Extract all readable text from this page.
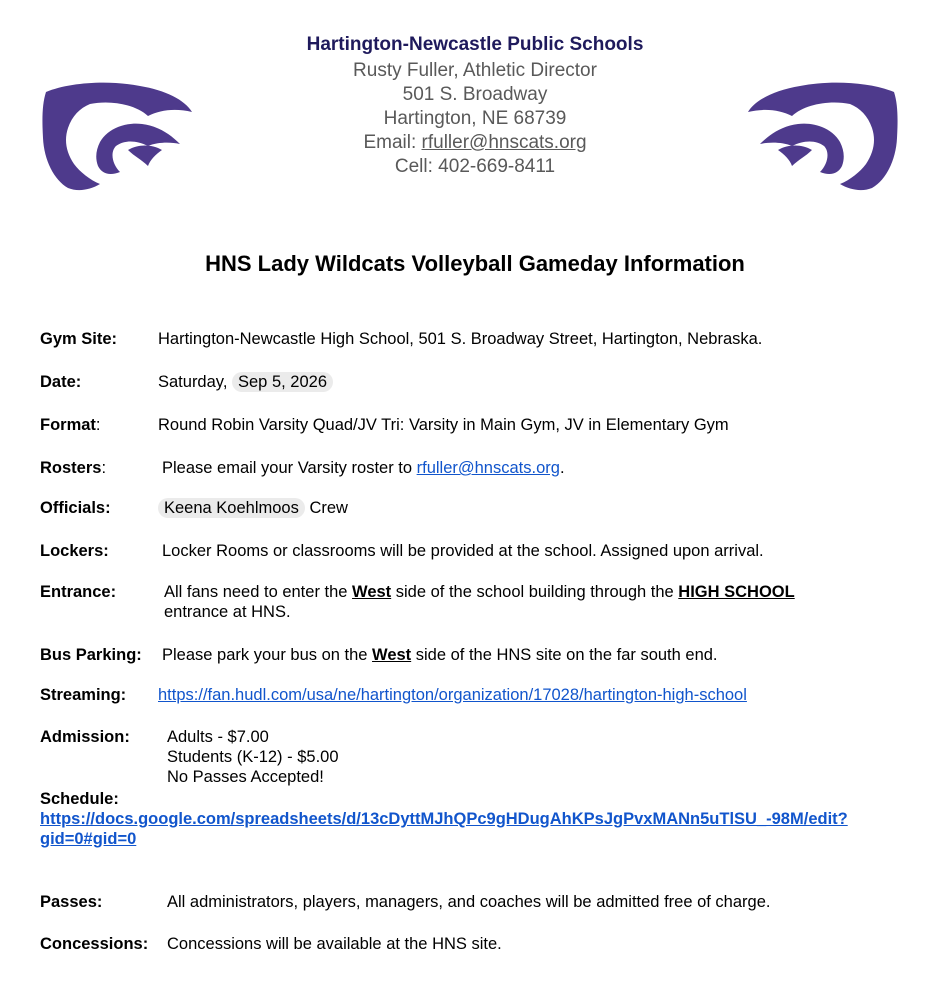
Hartington-Newcastle Public Schools
Rusty Fuller, Athletic Director
501 S. Broadway
Hartington, NE 68739
Email: rfuller@hnscats.org
Cell: 402-669-8411
HNS Lady Wildcats Volleyball Gameday Information
Gym Site: Hartington-Newcastle High School, 501 S. Broadway Street, Hartington, Nebraska.
Date:	Saturday, Sep 5, 2026
Format:	Round Robin Varsity Quad/JV Tri: Varsity in Main Gym, JV in Elementary Gym
Rosters:	Please email your Varsity roster to rfuller@hnscats.org.
Officials:	Keena Koehlmoos Crew
Lockers:	Locker Rooms or classrooms will be provided at the school. Assigned upon arrival.
Entrance:	All fans need to enter the West side of the school building through the HIGH SCHOOL
entrance at HNS.
Bus Parking: Please park your bus on the West side of the HNS site on the far south end.
Streaming: https://fan.hudl.com/usa/ne/hartington/organization/17028/hartington-high-school
Admission: Adults - $7.00
Students (K-12) - $5.00
No Passes Accepted!
Schedule:
https://docs.google.com/spreadsheets/d/13cDyttMJhQPc9gHDugAhKPsJgPvxMANn5uTlSU_-98M/edit?
gid=0#gid=0
Passes:	All administrators, players, managers, and coaches will be admitted free of charge.
Concessions: Concessions will be available at the HNS site.
